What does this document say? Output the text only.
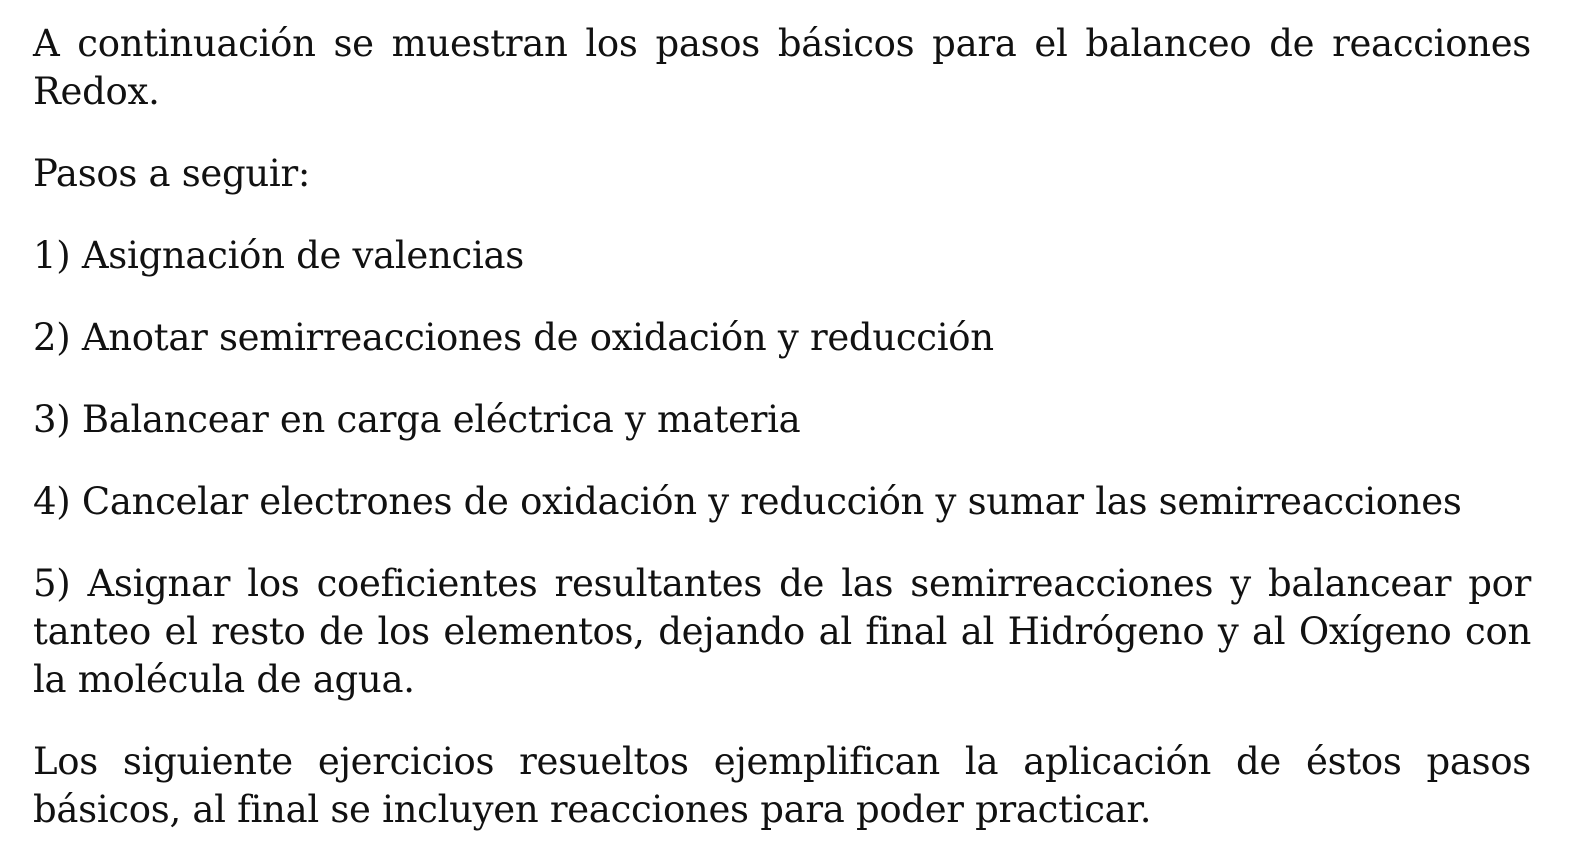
A continuación se muestran los pasos básicos para el balanceo de reacciones Redox.

Pasos a seguir:

1) Asignación de valencias

2) Anotar semirreacciones de oxidación y reducción

3) Balancear en carga eléctrica y materia

4) Cancelar electrones de oxidación y reducción y sumar las semirreacciones

5) Asignar los coeficientes resultantes de las semirreacciones y balancear por tanteo el resto de los elementos, dejando al final al Hidrógeno y al Oxígeno con la molécula de agua.

Los siguiente ejercicios resueltos ejemplifican la aplicación de éstos pasos básicos, al final se incluyen reacciones para poder practicar.
